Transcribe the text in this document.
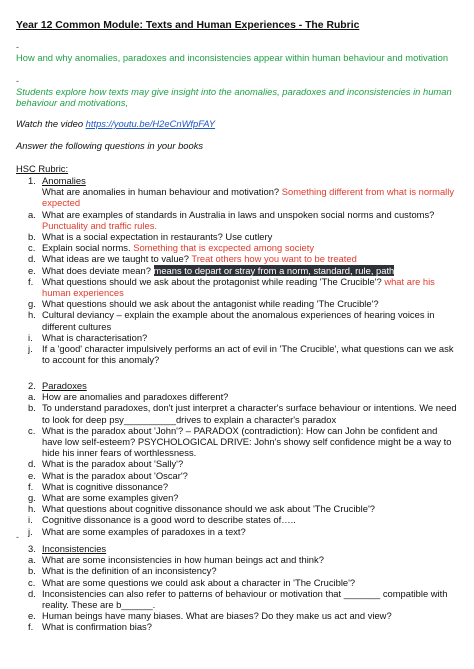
Year 12 Common Module: Texts and Human Experiences - The Rubric
-
How and why anomalies, paradoxes and inconsistencies appear within human behaviour and motivation
-
Students explore how texts may give insight into the anomalies, paradoxes and inconsistencies in human behaviour and motivations,
Watch the video https://youtu.be/H2eCnWfpFAY
Answer the following questions in your books
HSC Rubric:
1. Anomalies
What are anomalies in human behaviour and motivation? Something different from what is normally expected
a. What are examples of standards in Australia in laws and unspoken social norms and customs? Punctuality and traffic rules.
b. What is a social expectation in restaurants? Use cutlery
c. Explain social norms. Something that is excpected among society
d. What ideas are we taught to value? Treat others how you want to be treated
e. What does deviate mean? means to depart or stray from a norm, standard, rule, path
f. What questions should we ask about the protagonist while reading 'The Crucible'? what are his human experiences
g. What questions should we ask about the antagonist while reading 'The Crucible'?
h. Cultural deviancy – explain the example about the anomalous experiences of hearing voices in different cultures
i. What is characterisation?
j. If a 'good' character impulsively performs an act of evil in 'The Crucible', what questions can we ask to account for this anomaly?
2. Paradoxes
a. How are anomalies and paradoxes different?
b. To understand paradoxes, don't just interpret a character's surface behaviour or intentions. We need to look for deep psy__________drives to explain a character's paradox
c. What is the paradox about 'John'? – PARADOX (contradiction): How can John be confident and have low self-esteem? PSYCHOLOGICAL DRIVE: John's showy self confidence might be a way to hide his inner fears of worthlessness.
d. What is the paradox about 'Sally'?
e. What is the paradox about 'Oscar'?
f. What is cognitive dissonance?
g. What are some examples given?
h. What questions about cognitive dissonance should we ask about 'The Crucible'?
i. Cognitive dissonance is a good word to describe states of…..
j. What are some examples of paradoxes in a text?
-
3. Inconsistencies
a. What are some inconsistencies in how human beings act and think?
b. What is the definition of an inconsistency?
c. What are some questions we could ask about a character in 'The Crucible'?
d. Inconsistencies can also refer to patterns of behaviour or motivation that _______ compatible with reality. These are b______.
e. Human beings have many biases. What are biases? Do they make us act and view?
f. What is confirmation bias?
